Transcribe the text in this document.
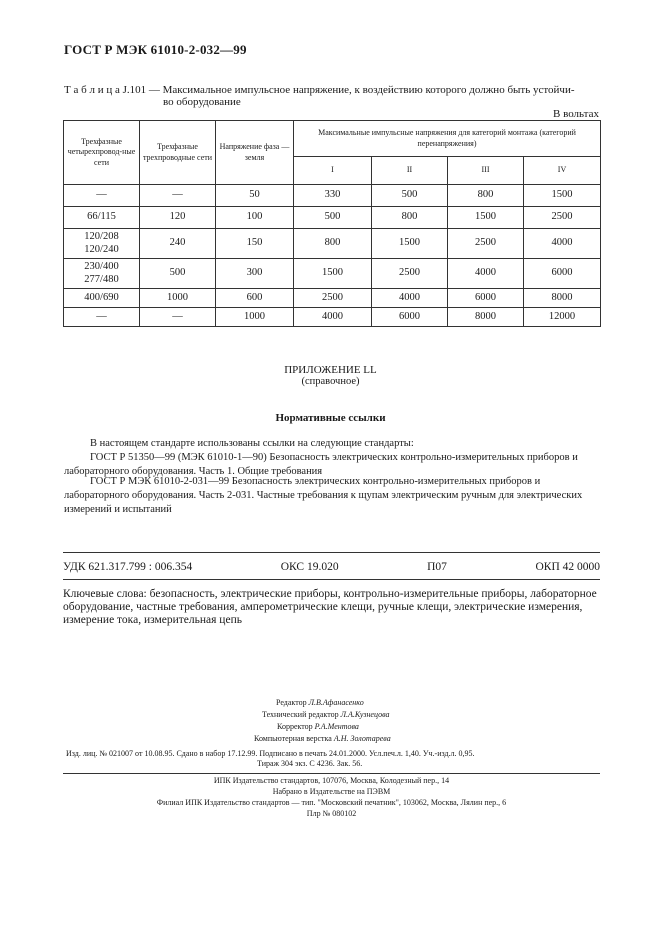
ГОСТ Р МЭК 61010-2-032—99
Т а б л и ц а J.101 — Максимальное импульсное напряжение, к воздействию которого должно быть устойчи-
во оборудование
В вольтах
Трехфазные четырехпровод-ные сети	Трехфазные трехпроводные сети	Напряжение фаза — земля	Максимальные импульсные напряжения для категорий монтажа (категорий перенапряжения)			
			I	II	III	IV
—	—	50	330	500	800	1500
66/115	120	100	500	800	1500	2500
120/208 120/240	240	150	800	1500	2500	4000
230/400 277/480	500	300	1500	2500	4000	6000
400/690	1000	600	2500	4000	6000	8000
—	—	1000	4000	6000	8000	12000
ПРИЛОЖЕНИЕ LL
(справочное)
Нормативные ссылки
В настоящем стандарте использованы ссылки на следующие стандарты:
ГОСТ Р 51350—99 (МЭК 61010-1—90) Безопасность электрических контрольно-измерительных приборов и лабораторного оборудования. Часть 1. Общие требования
ГОСТ Р МЭК 61010-2-031—99 Безопасность электрических контрольно-измерительных приборов и лабораторного оборудования. Часть 2-031. Частные требования к щупам электрическим ручным для электрических измерений и испытаний
УДК 621.317.799 : 006.354	ОКС 19.020	П07	ОКП 42 0000
Ключевые слова: безопасность, электрические приборы, контрольно-измерительные приборы, лабораторное оборудование, частные требования, амперометрические клещи, ручные клещи, электрические измерения, измерение тока, измерительная цепь
Редактор Л.В.Афанасенко
Технический редактор Л.А.Кузнецова
Корректор Р.А.Ментова
Компьютерная верстка А.Н. Золотарева
Изд. лиц. № 021007 от 10.08.95. Сдано в набор 17.12.99. Подписано в печать 24.01.2000. Усл.печ.л. 1,40. Уч.-изд.л. 0,95.
Тираж 304 экз. С 4236. Зак. 56.
ИПК Издательство стандартов, 107076, Москва, Колодезный пер., 14
Набрано в Издательстве на ПЭВМ
Филиал ИПК Издательство стандартов — тип. "Московский печатник", 103062, Москва, Лялин пер., 6
Плр № 080102
